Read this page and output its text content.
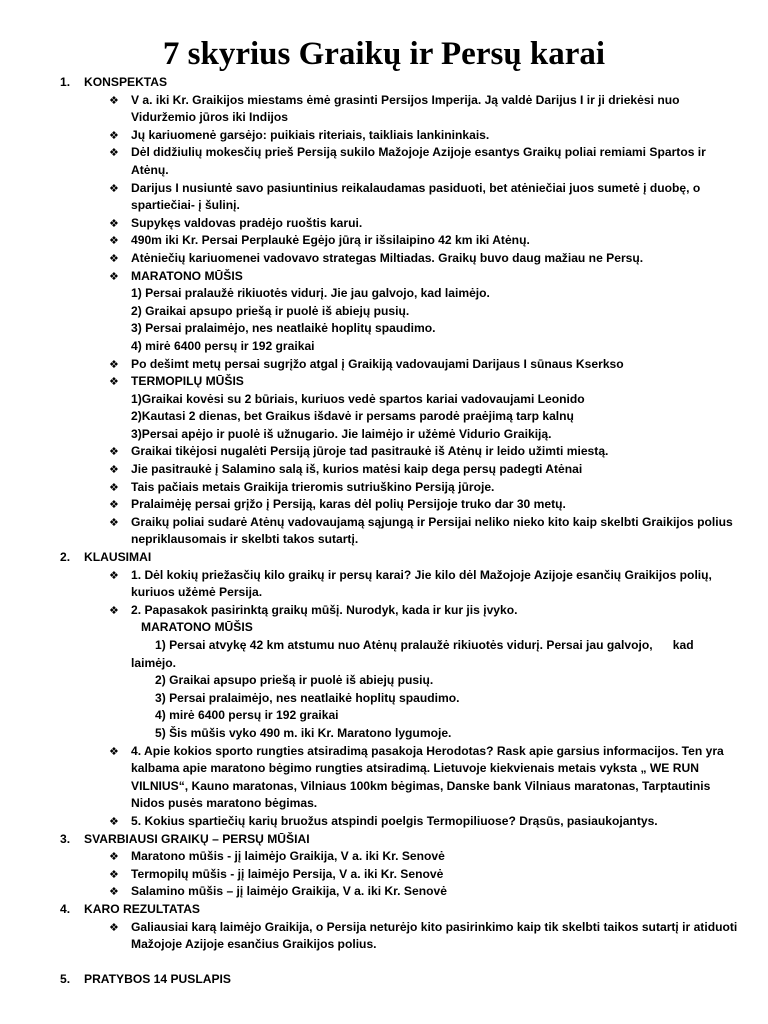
7 skyrius Graikų ir Persų karai
1. KONSPEKTAS
❖ V a. iki Kr. Graikijos miestams ėmė grasinti Persijos Imperija. Ją valdė Darijus I ir ji driekėsi nuo Viduržemio jūros iki Indijos
❖ Jų kariuomenė garsėjo: puikiais riteriais, taikliais lankininkais.
❖ Dėl didžiulių mokesčių prieš Persiją sukilo Mažojoje Azijoje esantys Graikų poliai remiami Spartos ir Atėnų.
❖ Darijus I nusiuntė savo pasiuntinius reikalaudamas pasiduoti, bet atėniečiai juos sumetė į duobę, o spartiečiai- į šulinį.
❖ Supykęs valdovas pradėjo ruoštis karui.
❖ 490m iki Kr. Persai Perplaukė Egėjo jūrą ir išsilaipino 42 km iki Atėnų.
❖ Atėniečių kariuomenei vadovavo strategas Miltiadas. Graikų buvo daug mažiau ne Persų.
❖ MARATONO MŪŠIS
1) Persai pralaužė rikiuotės vidurį. Jie jau galvojo, kad laimėjo.
2) Graikai apsupo priešą ir puolė iš abiejų pusių.
3) Persai pralaimėjo, nes neatlaikė hoplitų spaudimo.
4) mirė 6400 persų ir 192 graikai
❖ Po dešimt metų persai sugrįžo atgal į Graikiją vadovaujami Darijaus I sūnaus Kserkso
❖ TERMOPILŲ MŪŠIS
1)Graikai kovėsi su 2 būriais, kuriuos vedė spartos kariai vadovaujami Leonido
2)Kautasi 2 dienas, bet Graikus išdavė ir persams parodė praėjimą tarp kalnų
3)Persai apėjo ir puolė iš užnugario. Jie laimėjo ir užėmė Vidurio Graikiją.
❖ Graikai tikėjosi nugalėti Persiją jūroje tad pasitraukė iš Atėnų ir leido užimti miestą.
❖ Jie pasitraukė į Salamino salą iš, kurios matėsi kaip dega persų padegti Atėnai
❖ Tais pačiais metais Graikija trieromis sutriuškino Persiją jūroje.
❖ Pralaimėję persai grįžo į Persiją, karas dėl polių Persijoje truko dar 30 metų.
❖ Graikų poliai sudarė Atėnų vadovaujamą sąjungą ir Persijai neliko nieko kito kaip skelbti Graikijos polius nepriklausomais ir skelbti takos sutartį.
2. KLAUSIMAI
❖ 1. Dėl kokių priežasčių kilo graikų ir persų karai? Jie kilo dėl Mažojoje Azijoje esančių Graikijos polių, kuriuos užėmė Persija.
❖ 2. Papasakok pasirinktą graikų mūšį. Nurodyk, kada ir kur jis įvyko.
MARATONO MŪŠIS
1) Persai atvykę 42 km atstumu nuo Atėnų pralaužė rikiuotės vidurį. Persai jau galvojo,      kad
laimėjo.
2) Graikai apsupo priešą ir puolė iš abiejų pusių.
3) Persai pralaimėjo, nes neatlaikė hoplitų spaudimo.
4) mirė 6400 persų ir 192 graikai
5) Šis mūšis vyko 490 m. iki Kr. Maratono lygumoje.
❖ 4. Apie kokios sporto rungties atsiradimą pasakoja Herodotas? Rask apie garsius informacijos. Ten yra kalbama apie maratono bėgimo rungties atsiradimą. Lietuvoje kiekvienais metais vyksta „ WE RUN VILNIUS“, Kauno maratonas, Vilniaus 100km bėgimas, Danske bank Vilniaus maratonas, Tarptautinis Nidos pusės maratono bėgimas.
❖ 5. Kokius spartiečių karių bruožus atspindi poelgis Termopiliuose? Drąsūs, pasiaukojantys.
3. SVARBIAUSI GRAIKŲ – PERSŲ MŪŠIAI
❖ Maratono mūšis - jį laimėjo Graikija, V a. iki Kr. Senovė
❖ Termopilų mūšis - jį laimėjo Persija, V a. iki Kr. Senovė
❖ Salamino mūšis – jį laimėjo Graikija, V a. iki Kr. Senovė
4. KARO REZULTATAS
❖ Galiausiai karą laimėjo Graikija, o Persija neturėjo kito pasirinkimo kaip tik skelbti taikos sutartį ir atiduoti Mažojoje Azijoje esančius Graikijos polius.
5. PRATYBOS 14 PUSLAPIS
